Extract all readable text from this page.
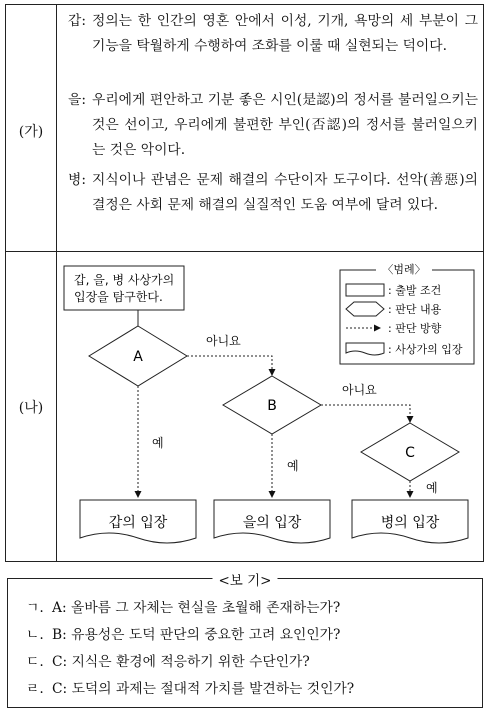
(가)
갑: 정의는 한 인간의 영혼 안에서 이성, 기개, 욕망의 세 부분이 그 기능을 탁월하게 수행하여 조화를 이룰 때 실현되는 덕이다.
을: 우리에게 편안하고 기분 좋은 시인(是認)의 정서를 불러일으키는 것은 선이고, 우리에게 불편한 부인(否認)의 정서를 불러일으키는 것은 악이다.
병: 지식이나 관념은 문제 해결의 수단이자 도구이다. 선악(善惡)의 결정은 사회 문제 해결의 실질적인 도움 여부에 달려 있다.
(나)
갑, 을, 병 사상가의
입장을 탐구한다.
A
아니요
예
B
아니요
예
C
예
갑의 입장	을의 입장	병의 입장
〈범례〉
: 출발 조건
: 판단 내용
: 판단 방향
: 사상가의 입장
<보 기>
ㄱ. A: 올바름 그 자체는 현실을 초월해 존재하는가?
ㄴ. B: 유용성은 도덕 판단의 중요한 고려 요인인가?
ㄷ. C: 지식은 환경에 적응하기 위한 수단인가?
ㄹ. C: 도덕의 과제는 절대적 가치를 발견하는 것인가?
